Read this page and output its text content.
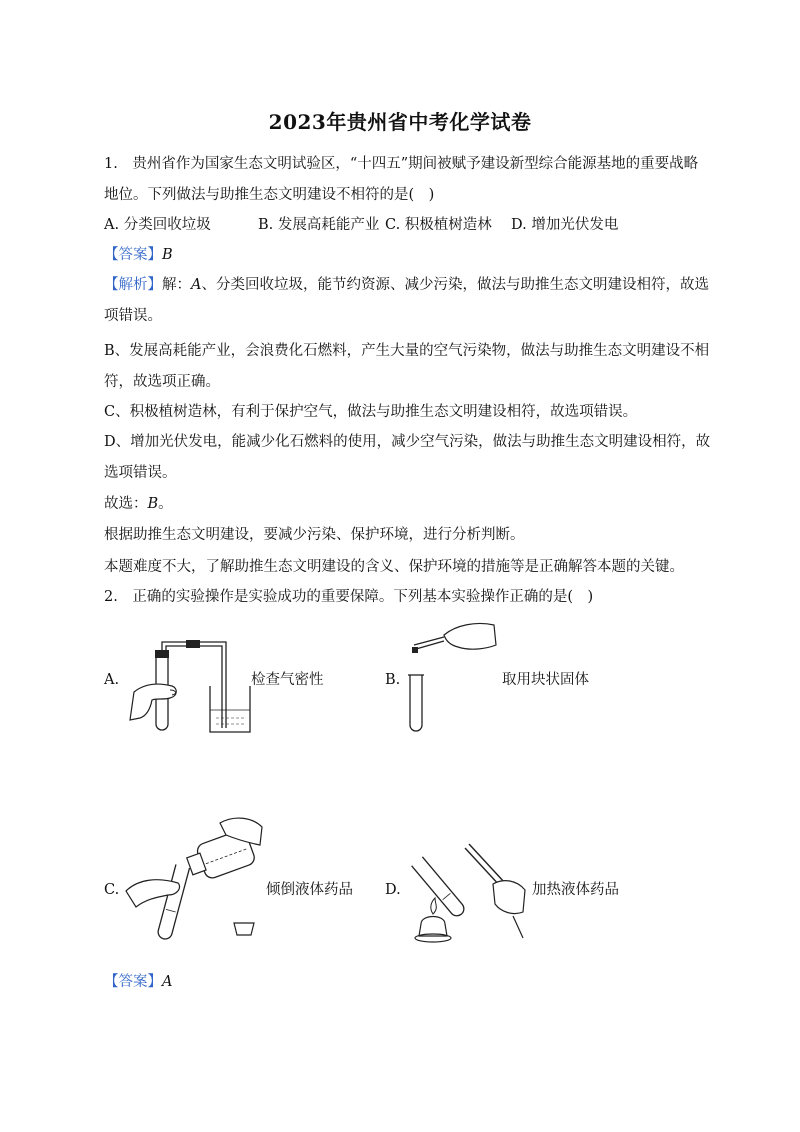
2023年贵州省中考化学试卷
1.　贵州省作为国家生态文明试验区，“十四五”期间被赋予建设新型综合能源基地的重要战略
地位。下列做法与助推生态文明建设不相符的是(　)
A. 分类回收垃圾	B. 发展高耗能产业 C. 积极植树造林 D. 增加光伏发电
【答案】B
【解析】解：A、分类回收垃圾，能节约资源、减少污染，做法与助推生态文明建设相符，故选
项错误。
B、发展高耗能产业，会浪费化石燃料，产生大量的空气污染物，做法与助推生态文明建设不相
符，故选项正确。
C、积极植树造林，有利于保护空气，做法与助推生态文明建设相符，故选项错误。
D、增加光伏发电，能减少化石燃料的使用，减少空气污染，做法与助推生态文明建设相符，故
选项错误。
故选：B。
根据助推生态文明建设，要减少污染、保护环境，进行分析判断。
本题难度不大，了解助推生态文明建设的含义、保护环境的措施等是正确解答本题的关键。
2.　正确的实验操作是实验成功的重要保障。下列基本实验操作正确的是(　)
A.	检查气密性	B.	取用块状固体
C.	倾倒液体药品 D.	加热液体药品
【答案】A
